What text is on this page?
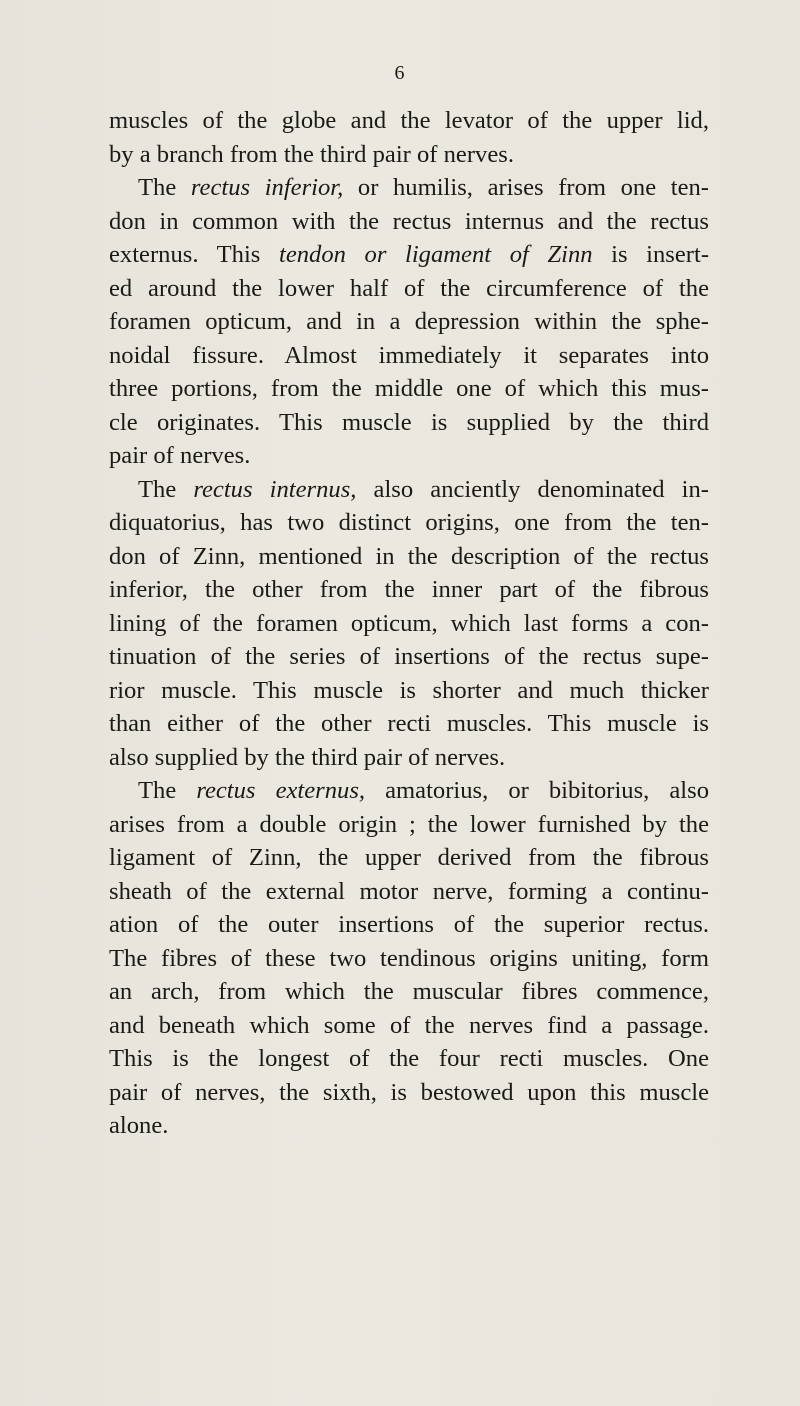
6
muscles of the globe and the levator of the upper lid,
by a branch from the third pair of nerves.
The rectus inferior, or humilis, arises from one ten-
don in common with the rectus internus and the rectus
externus. This tendon or ligament of Zinn is insert-
ed around the lower half of the circumference of the
foramen opticum, and in a depression within the sphe-
noidal fissure. Almost immediately it separates into
three portions, from the middle one of which this mus-
cle originates. This muscle is supplied by the third
pair of nerves.
The rectus internus, also anciently denominated in-
diquatorius, has two distinct origins, one from the ten-
don of Zinn, mentioned in the description of the rectus
inferior, the other from the inner part of the fibrous
lining of the foramen opticum, which last forms a con-
tinuation of the series of insertions of the rectus supe-
rior muscle. This muscle is shorter and much thicker
than either of the other recti muscles. This muscle is
also supplied by the third pair of nerves.
The rectus externus, amatorius, or bibitorius, also
arises from a double origin ; the lower furnished by the
ligament of Zinn, the upper derived from the fibrous
sheath of the external motor nerve, forming a continu-
ation of the outer insertions of the superior rectus.
The fibres of these two tendinous origins uniting, form
an arch, from which the muscular fibres commence,
and beneath which some of the nerves find a passage.
This is the longest of the four recti muscles. One
pair of nerves, the sixth, is bestowed upon this muscle
alone.
